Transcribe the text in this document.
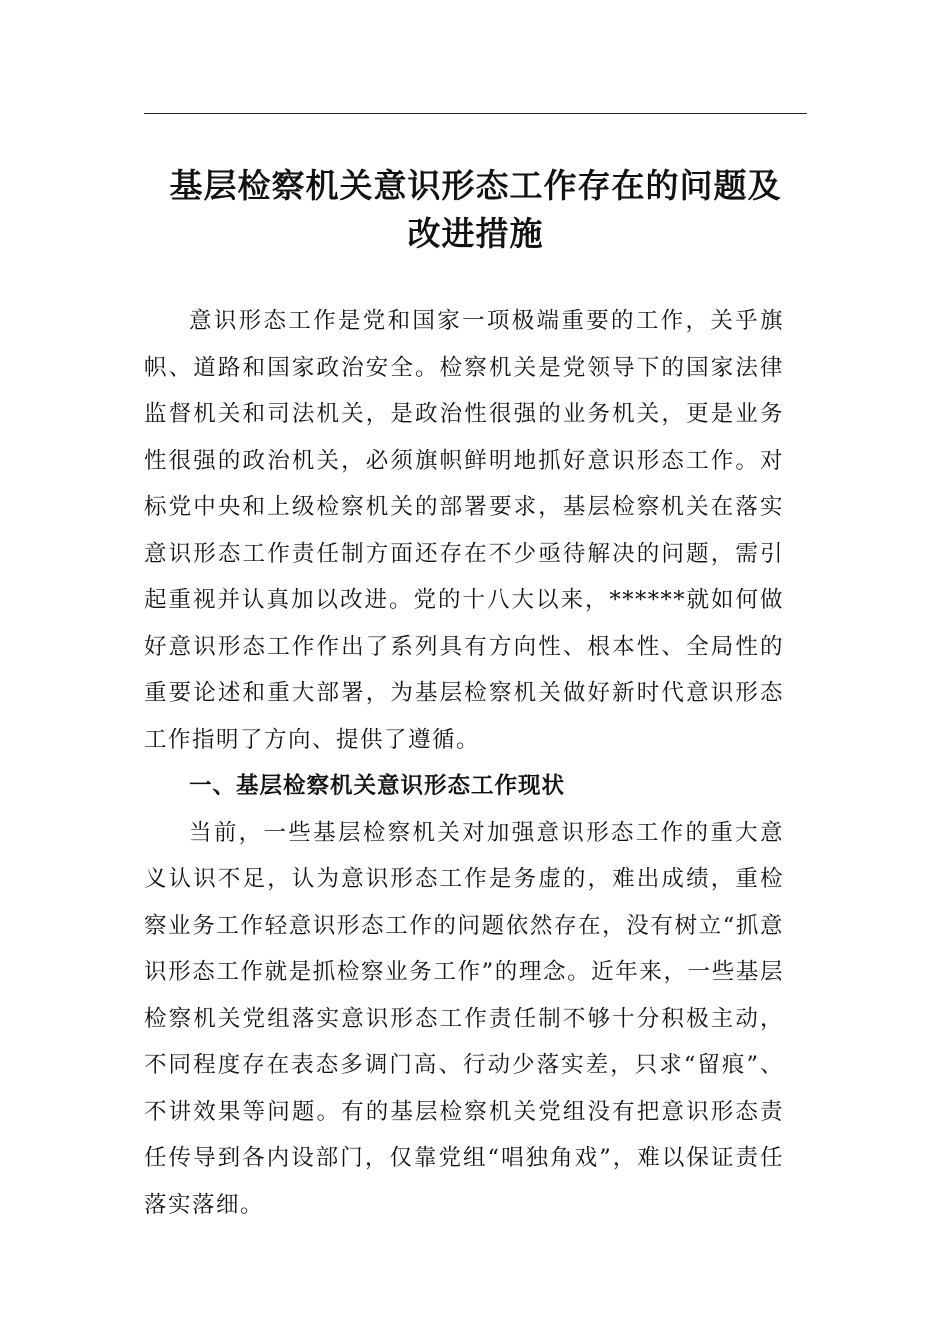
基层检察机关意识形态工作存在的问题及
改进措施

意识形态工作是党和国家一项极端重要的工作，关乎旗帜、道路和国家政治安全。检察机关是党领导下的国家法律监督机关和司法机关，是政治性很强的业务机关，更是业务性很强的政治机关，必须旗帜鲜明地抓好意识形态工作。对标党中央和上级检察机关的部署要求，基层检察机关在落实意识形态工作责任制方面还存在不少亟待解决的问题，需引起重视并认真加以改进。党的十八大以来，******就如何做好意识形态工作作出了系列具有方向性、根本性、全局性的重要论述和重大部署，为基层检察机关做好新时代意识形态工作指明了方向、提供了遵循。

一、基层检察机关意识形态工作现状

当前，一些基层检察机关对加强意识形态工作的重大意义认识不足，认为意识形态工作是务虚的，难出成绩，重检察业务工作轻意识形态工作的问题依然存在，没有树立“抓意识形态工作就是抓检察业务工作”的理念。近年来，一些基层检察机关党组落实意识形态工作责任制不够十分积极主动，不同程度存在表态多调门高、行动少落实差，只求“留痕”、不讲效果等问题。有的基层检察机关党组没有把意识形态责任传导到各内设部门，仅靠党组“唱独角戏”，难以保证责任落实落细。
